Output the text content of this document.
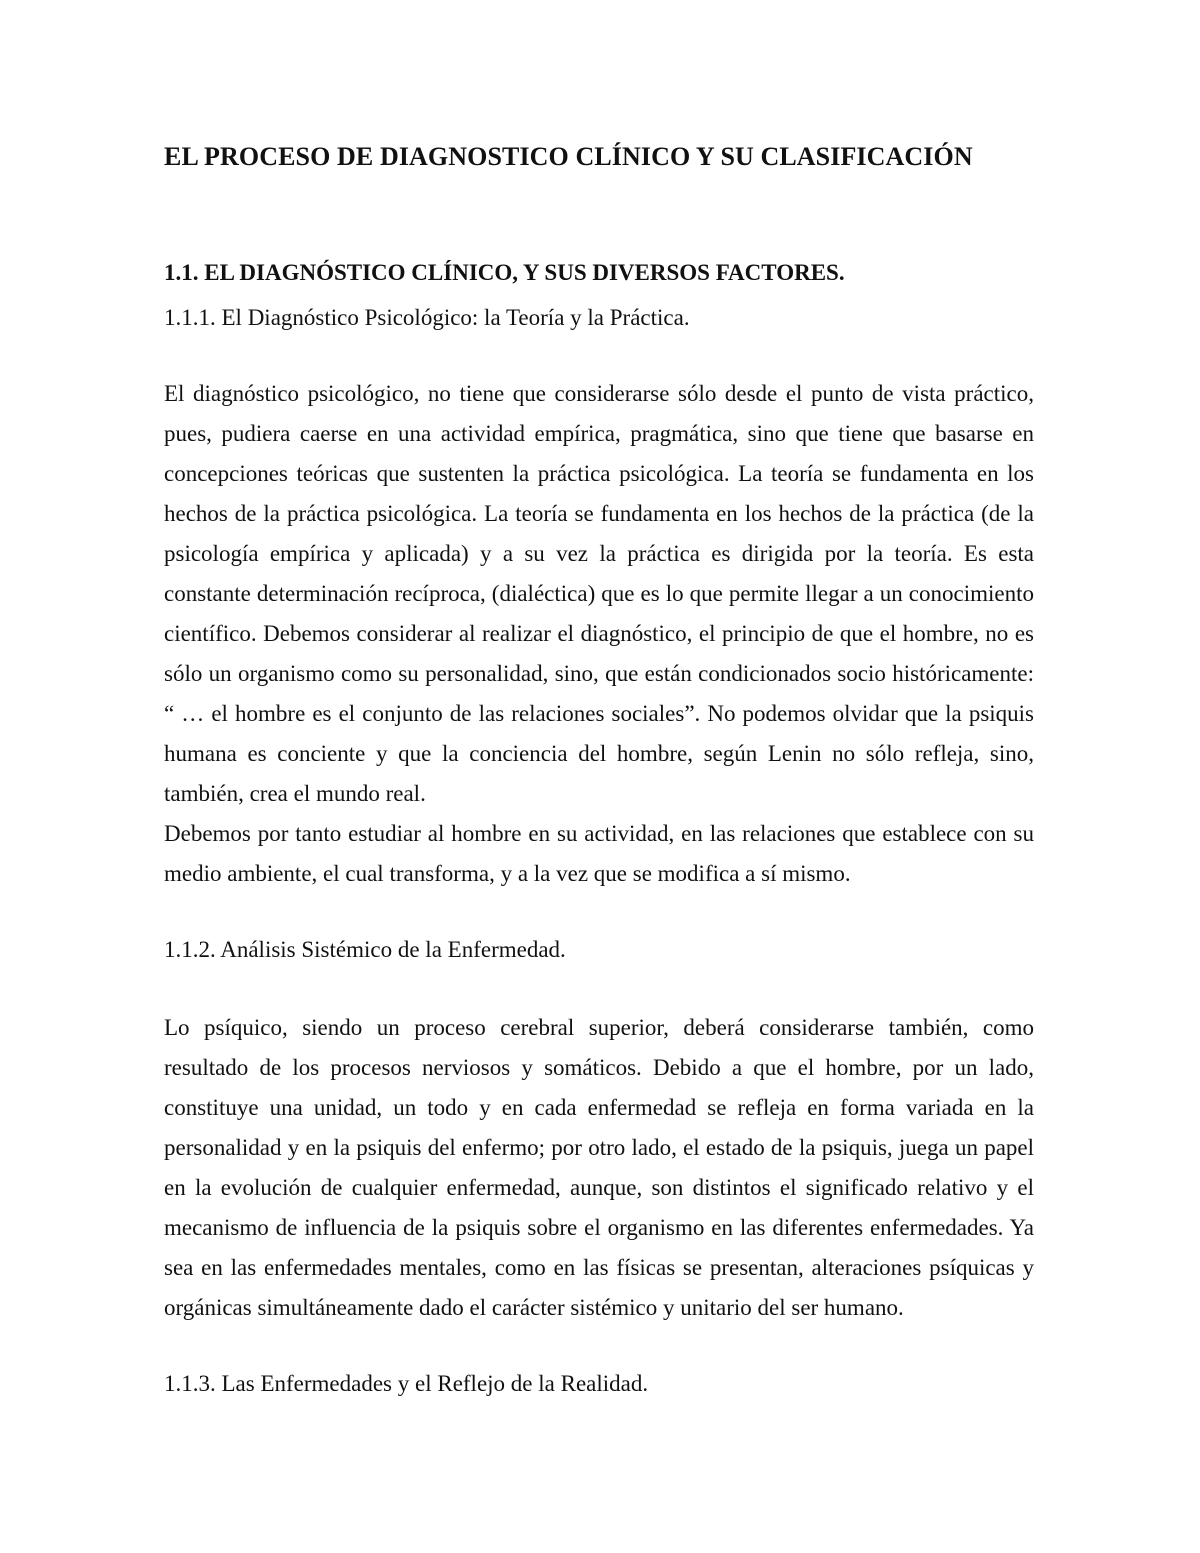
EL PROCESO DE DIAGNOSTICO CLÍNICO Y SU CLASIFICACIÓN
1.1. EL DIAGNÓSTICO CLÍNICO, Y SUS DIVERSOS FACTORES.
1.1.1. El Diagnóstico Psicológico: la Teoría y la Práctica.

El diagnóstico psicológico, no tiene que considerarse sólo desde el punto de vista práctico, pues, pudiera caerse en una actividad empírica, pragmática, sino que tiene que basarse en concepciones teóricas que sustenten la práctica psicológica. La teoría se fundamenta en los hechos de la práctica psicológica. La teoría se fundamenta en los hechos de la práctica (de la psicología empírica y aplicada) y a su vez la práctica es dirigida por la teoría. Es esta constante determinación recíproca, (dialéctica) que es lo que permite llegar a un conocimiento científico. Debemos considerar al realizar el diagnóstico, el principio de que el hombre, no es sólo un organismo como su personalidad, sino, que están condicionados socio históricamente: “ … el hombre es el conjunto de las relaciones sociales”. No podemos olvidar que la psiquis humana es conciente y que la conciencia del hombre, según Lenin no sólo refleja, sino, también, crea el mundo real.

Debemos por tanto estudiar al hombre en su actividad, en las relaciones que establece con su medio ambiente, el cual transforma, y a la vez que se modifica a sí mismo.

1.1.2. Análisis Sistémico de la Enfermedad.

Lo psíquico, siendo un proceso cerebral superior, deberá considerarse también, como resultado de los procesos nerviosos y somáticos. Debido a que el hombre, por un lado, constituye una unidad, un todo y en cada enfermedad se refleja en forma variada en la personalidad y en la psiquis del enfermo; por otro lado, el estado de la psiquis, juega un papel en la evolución de cualquier enfermedad, aunque, son distintos el significado relativo y el mecanismo de influencia de la psiquis sobre el organismo en las diferentes enfermedades. Ya sea en las enfermedades mentales, como en las físicas se presentan, alteraciones psíquicas y orgánicas simultáneamente dado el carácter sistémico y unitario del ser humano.

1.1.3. Las Enfermedades y el Reflejo de la Realidad.
